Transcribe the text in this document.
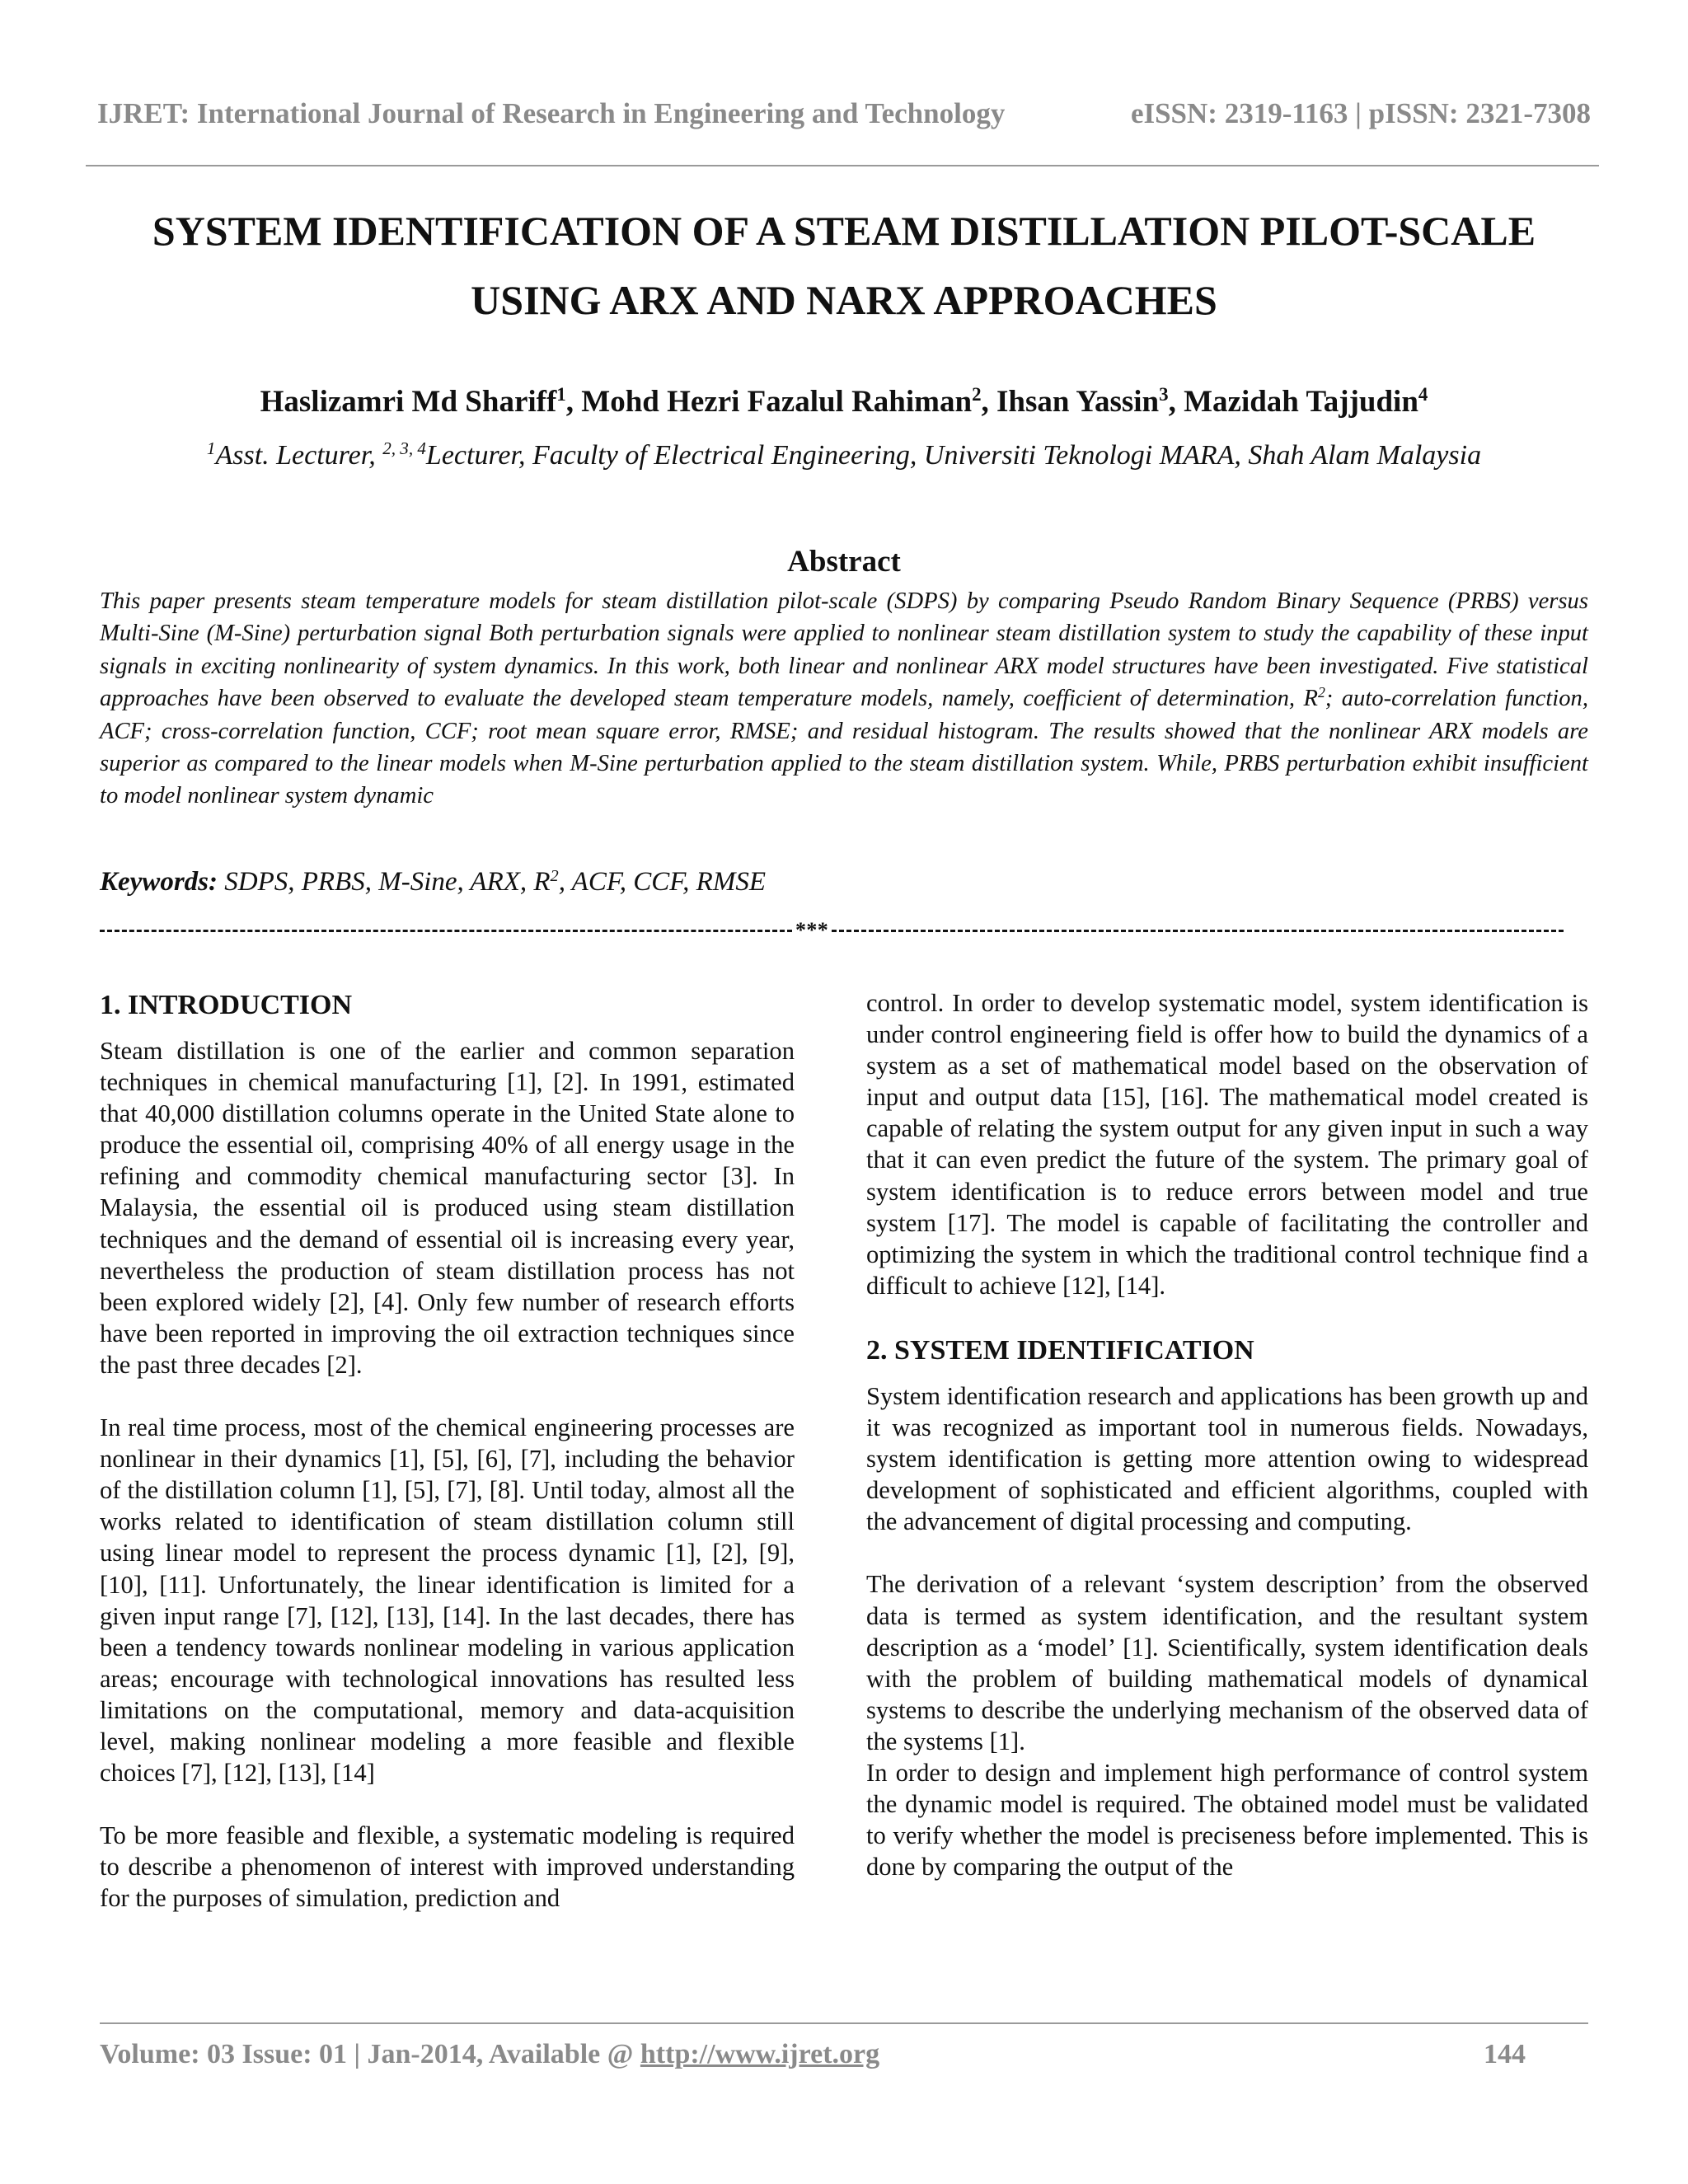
IJRET: International Journal of Research in Engineering and Technology	eISSN: 2319-1163 | pISSN: 2321-7308
SYSTEM IDENTIFICATION OF A STEAM DISTILLATION PILOT-SCALE USING ARX AND NARX APPROACHES
Haslizamri Md Shariff$^1$, Mohd Hezri Fazalul Rahiman$^2$, Ihsan Yassin$^3$, Mazidah Tajjudin$^4$
$^1$Asst. Lecturer, $^{2, 3, 4}$Lecturer, Faculty of Electrical Engineering, Universiti Teknologi MARA, Shah Alam Malaysia
Abstract
This paper presents steam temperature models for steam distillation pilot-scale (SDPS) by comparing Pseudo Random Binary Sequence (PRBS) versus Multi-Sine (M-Sine) perturbation signal Both perturbation signals were applied to nonlinear steam distillation system to study the capability of these input signals in exciting nonlinearity of system dynamics. In this work, both linear and nonlinear ARX model structures have been investigated. Five statistical approaches have been observed to evaluate the developed steam temperature models, namely, coefficient of determination, $R^2$; auto-correlation function, ACF; cross-correlation function, CCF; root mean square error, RMSE; and residual histogram. The results showed that the nonlinear ARX models are superior as compared to the linear models when M-Sine perturbation applied to the steam distillation system. While, PRBS perturbation exhibit insufficient to model nonlinear system dynamic
Keywords: SDPS, PRBS, M-Sine, ARX, $R^2$, ACF, CCF, RMSE
***
1. INTRODUCTION

Steam distillation is one of the earlier and common separation techniques in chemical manufacturing [1], [2]. In 1991, estimated that 40,000 distillation columns operate in the United State alone to produce the essential oil, comprising 40% of all energy usage in the refining and commodity chemical manufacturing sector [3]. In Malaysia, the essential oil is produced using steam distillation techniques and the demand of essential oil is increasing every year, nevertheless the production of steam distillation process has not been explored widely [2], [4]. Only few number of research efforts have been reported in improving the oil extraction techniques since the past three decades [2].

In real time process, most of the chemical engineering processes are nonlinear in their dynamics [1], [5], [6], [7], including the behavior of the distillation column [1], [5], [7], [8]. Until today, almost all the works related to identification of steam distillation column still using linear model to represent the process dynamic [1], [2], [9], [10], [11]. Unfortunately, the linear identification is limited for a given input range [7], [12], [13], [14]. In the last decades, there has been a tendency towards nonlinear modeling in various application areas; encourage with technological innovations has resulted less limitations on the computational, memory and data-acquisition level, making nonlinear modeling a more feasible and flexible choices [7], [12], [13], [14]

To be more feasible and flexible, a systematic modeling is required to describe a phenomenon of interest with improved understanding for the purposes of simulation, prediction and

control. In order to develop systematic model, system identification is under control engineering field is offer how to build the dynamics of a system as a set of mathematical model based on the observation of input and output data [15], [16]. The mathematical model created is capable of relating the system output for any given input in such a way that it can even predict the future of the system. The primary goal of system identification is to reduce errors between model and true system [17]. The model is capable of facilitating the controller and optimizing the system in which the traditional control technique find a difficult to achieve [12], [14].

2. SYSTEM IDENTIFICATION

System identification research and applications has been growth up and it was recognized as important tool in numerous fields. Nowadays, system identification is getting more attention owing to widespread development of sophisticated and efficient algorithms, coupled with the advancement of digital processing and computing.

The derivation of a relevant ‘system description’ from the observed data is termed as system identification, and the resultant system description as a ‘model’ [1]. Scientifically, system identification deals with the problem of building mathematical models of dynamical systems to describe the underlying mechanism of the observed data of the systems [1].

In order to design and implement high performance of control system the dynamic model is required. The obtained model must be validated to verify whether the model is preciseness before implemented. This is done by comparing the output of the

Volume: 03 Issue: 01 | Jan-2014, Available @ http://www.ijret.org	144
